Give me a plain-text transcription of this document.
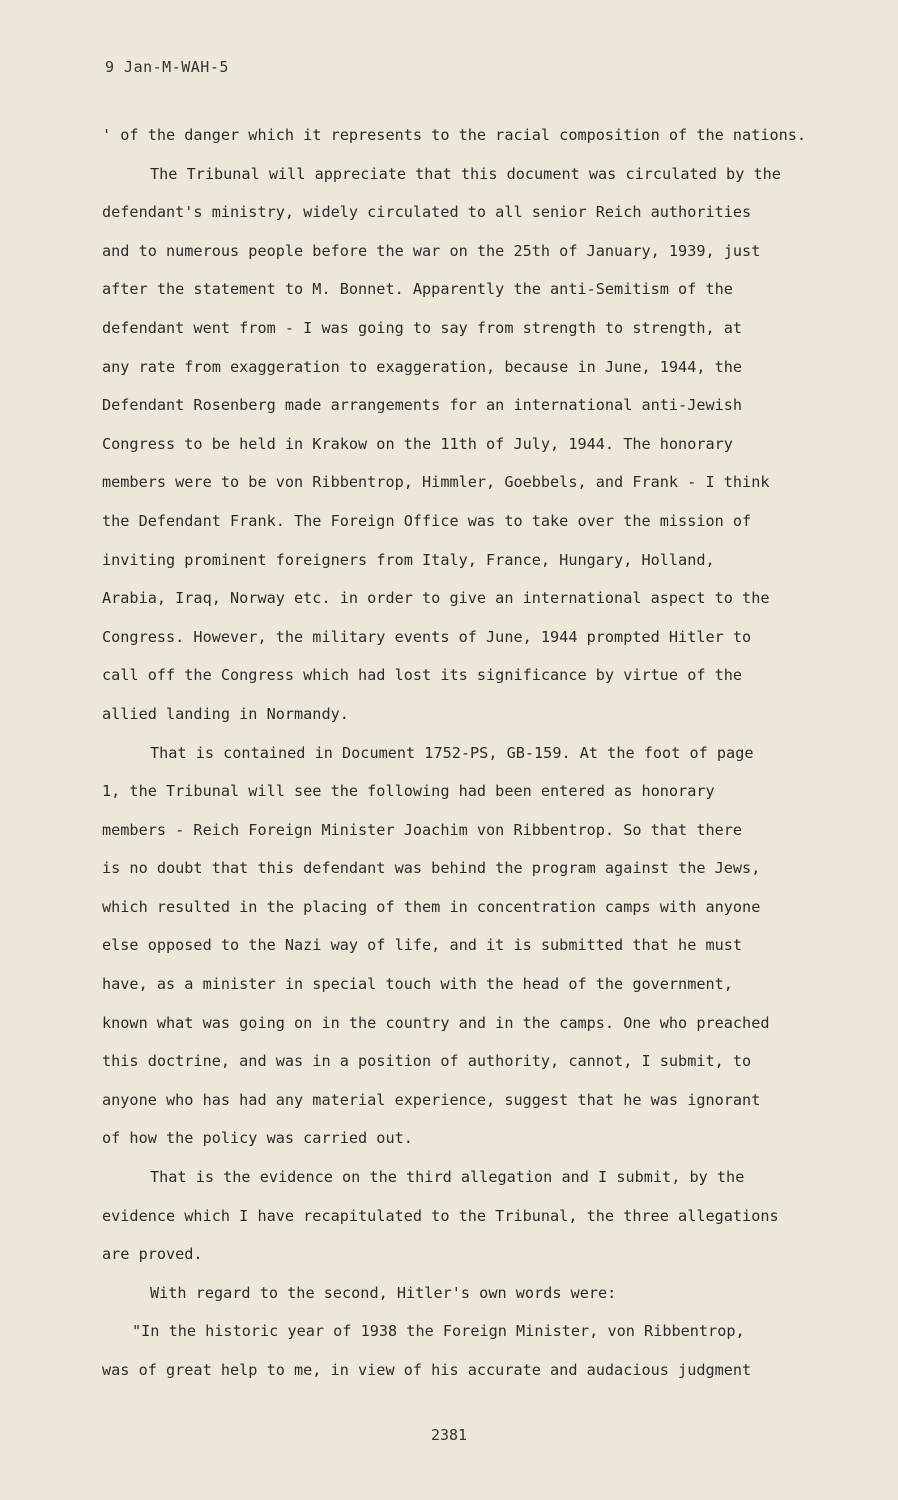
9 Jan-M-WAH-5
' of the danger which it represents to the racial composition of the nations.
The Tribunal will appreciate that this document was circulated by the
defendant's ministry, widely circulated to all senior Reich authorities
and to numerous people before the war on the 25th of January, 1939, just
after the statement to M. Bonnet. Apparently the anti-Semitism of the
defendant went from - I was going to say from strength to strength, at
any rate from exaggeration to exaggeration, because in June, 1944, the
Defendant Rosenberg made arrangements for an international anti-Jewish
Congress to be held in Krakow on the 11th of July, 1944. The honorary
members were to be von Ribbentrop, Himmler, Goebbels, and Frank - I think
the Defendant Frank. The Foreign Office was to take over the mission of
inviting prominent foreigners from Italy, France, Hungary, Holland,
Arabia, Iraq, Norway etc. in order to give an international aspect to the
Congress. However, the military events of June, 1944 prompted Hitler to
call off the Congress which had lost its significance by virtue of the
allied landing in Normandy.
That is contained in Document 1752-PS, GB-159. At the foot of page
1, the Tribunal will see the following had been entered as honorary
members - Reich Foreign Minister Joachim von Ribbentrop. So that there
is no doubt that this defendant was behind the program against the Jews,
which resulted in the placing of them in concentration camps with anyone
else opposed to the Nazi way of life, and it is submitted that he must
have, as a minister in special touch with the head of the government,
known what was going on in the country and in the camps. One who preached
this doctrine, and was in a position of authority, cannot, I submit, to
anyone who has had any material experience, suggest that he was ignorant
of how the policy was carried out.
That is the evidence on the third allegation and I submit, by the
evidence which I have recapitulated to the Tribunal, the three allegations
are proved.
With regard to the second, Hitler's own words were:
"In the historic year of 1938 the Foreign Minister, von Ribbentrop,
was of great help to me, in view of his accurate and audacious judgment
2381
